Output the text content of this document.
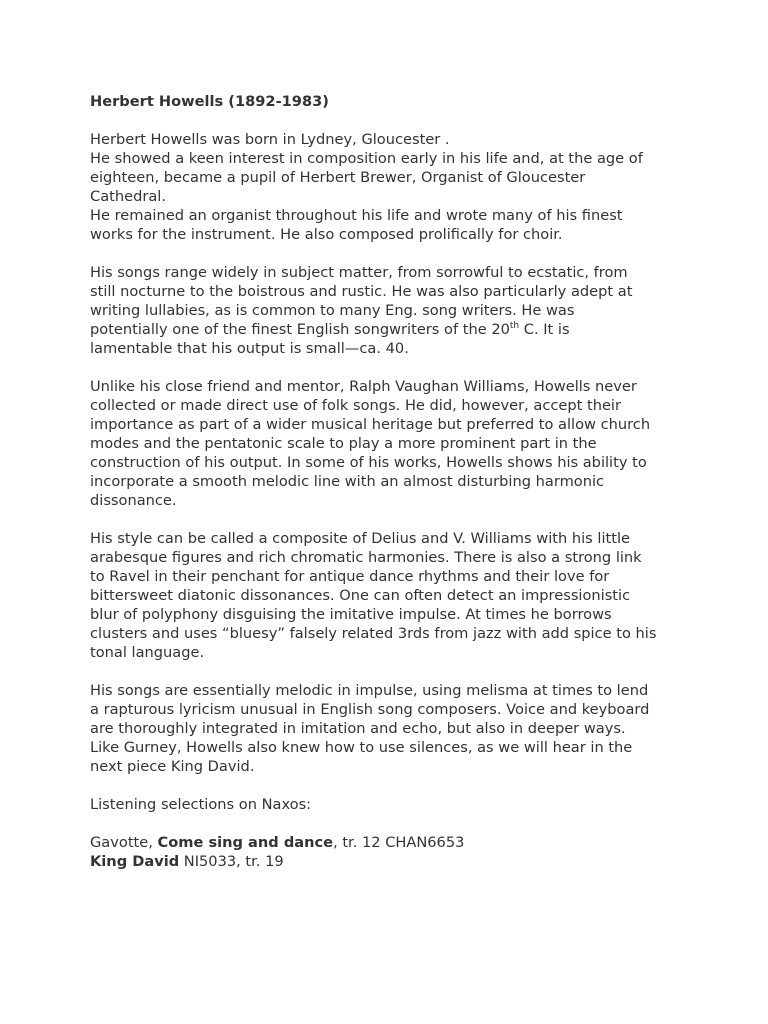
Herbert Howells (1892-1983)

Herbert Howells was born in Lydney, Gloucester .
He showed a keen interest in composition early in his life and, at the age of
eighteen, became a pupil of Herbert Brewer, Organist of Gloucester
Cathedral.
He remained an organist throughout his life and wrote many of his finest
works for the instrument. He also composed prolifically for choir.

His songs range widely in subject matter, from sorrowful to ecstatic, from
still nocturne to the boistrous and rustic. He was also particularly adept at
writing lullabies, as is common to many Eng. song writers. He was
potentially one of the finest English songwriters of the 20th C. It is
lamentable that his output is small—ca. 40.

Unlike his close friend and mentor, Ralph Vaughan Williams, Howells never
collected or made direct use of folk songs. He did, however, accept their
importance as part of a wider musical heritage but preferred to allow church
modes and the pentatonic scale to play a more prominent part in the
construction of his output. In some of his works, Howells shows his ability to
incorporate a smooth melodic line with an almost disturbing harmonic
dissonance.

His style can be called a composite of Delius and V. Williams with his little
arabesque figures and rich chromatic harmonies. There is also a strong link
to Ravel in their penchant for antique dance rhythms and their love for
bittersweet diatonic dissonances. One can often detect an impressionistic
blur of polyphony disguising the imitative impulse. At times he borrows
clusters and uses “bluesy” falsely related 3rds from jazz with add spice to his
tonal language.

His songs are essentially melodic in impulse, using melisma at times to lend
a rapturous lyricism unusual in English song composers. Voice and keyboard
are thoroughly integrated in imitation and echo, but also in deeper ways.
Like Gurney, Howells also knew how to use silences, as we will hear in the
next piece King David.

Listening selections on Naxos:

Gavotte, Come sing and dance, tr. 12 CHAN6653
King David NI5033, tr. 19
